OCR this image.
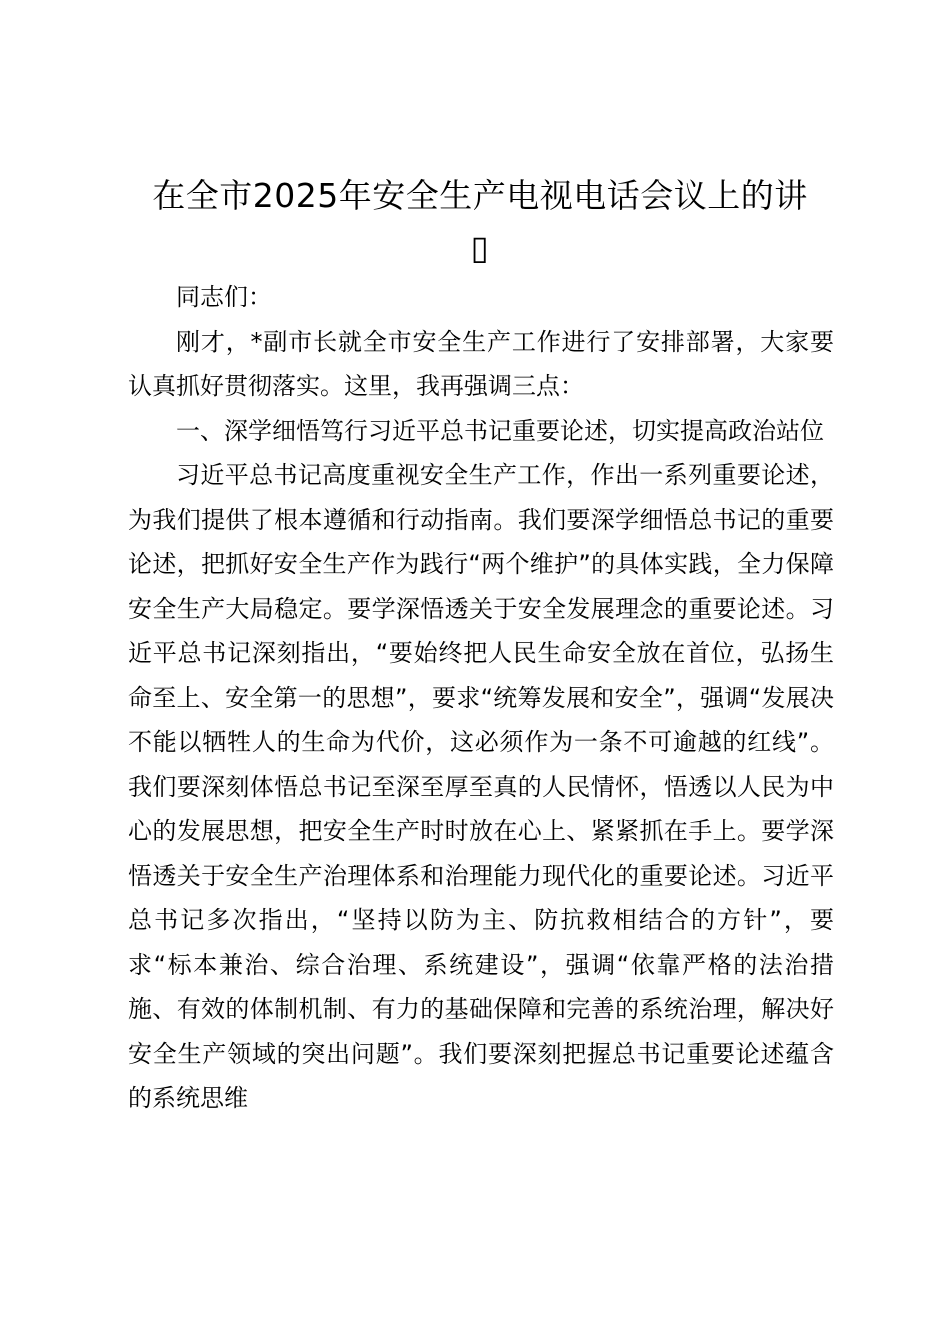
在全市2025年安全生产电视电话会议上的讲
▯

同志们：

刚才，*副市长就全市安全生产工作进行了安排部署，大家要认真抓好贯彻落实。这里，我再强调三点：

一、深学细悟笃行习近平总书记重要论述，切实提高政治站位

习近平总书记高度重视安全生产工作，作出一系列重要论述，为我们提供了根本遵循和行动指南。我们要深学细悟总书记的重要论述，把抓好安全生产作为践行“两个维护”的具体实践，全力保障安全生产大局稳定。要学深悟透关于安全发展理念的重要论述。习近平总书记深刻指出，“要始终把人民生命安全放在首位，弘扬生命至上、安全第一的思想”，要求“统筹发展和安全”，强调“发展决不能以牺牲人的生命为代价，这必须作为一条不可逾越的红线”。我们要深刻体悟总书记至深至厚至真的人民情怀，悟透以人民为中心的发展思想，把安全生产时时放在心上、紧紧抓在手上。要学深悟透关于安全生产治理体系和治理能力现代化的重要论述。习近平总书记多次指出，“坚持以防为主、防抗救相结合的方针”，要求“标本兼治、综合治理、系统建设”，强调“依靠严格的法治措施、有效的体制机制、有力的基础保障和完善的系统治理，解决好安全生产领域的突出问题”。我们要深刻把握总书记重要论述蕴含的系统思维
